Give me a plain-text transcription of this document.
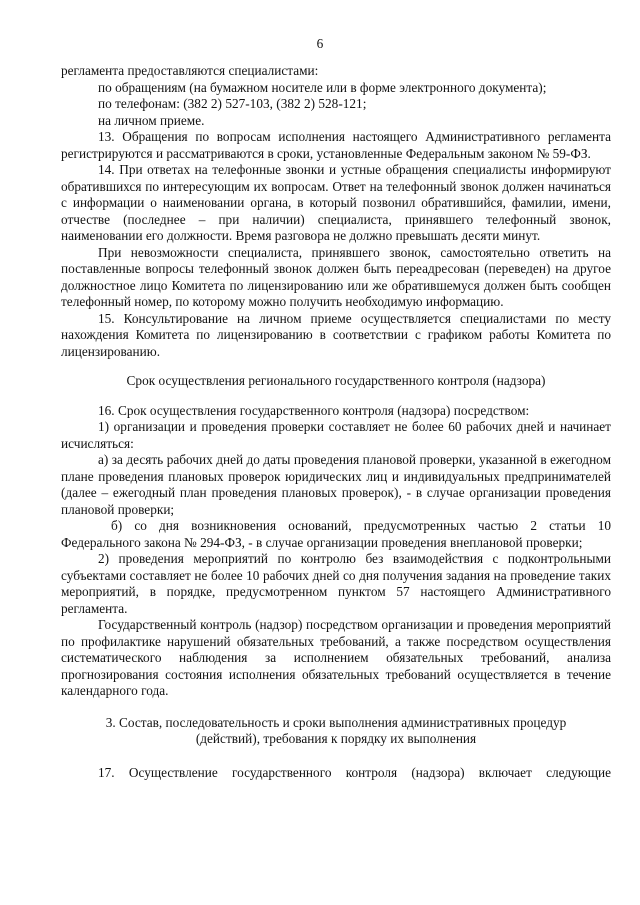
6

регламента предоставляются специалистами:

по обращениям (на бумажном носителе или в форме электронного документа);

по телефонам: (382 2) 527-103, (382 2) 528-121;

на личном приеме.

13. Обращения по вопросам исполнения настоящего Административного регламента регистрируются и рассматриваются в сроки, установленные Федеральным законом № 59-ФЗ.

14. При ответах на телефонные звонки и устные обращения специалисты информируют обратившихся по интересующим их вопросам. Ответ на телефонный звонок должен начинаться с информации о наименовании органа, в который позвонил обратившийся, фамилии, имени, отчестве (последнее – при наличии) специалиста, принявшего телефонный звонок, наименовании его должности. Время разговора не должно превышать десяти минут.

При невозможности специалиста, принявшего звонок, самостоятельно ответить на поставленные вопросы телефонный звонок должен быть переадресован (переведен) на другое должностное лицо Комитета по лицензированию или же обратившемуся должен быть сообщен телефонный номер, по которому можно получить необходимую информацию.

15. Консультирование на личном приеме осуществляется специалистами по месту нахождения Комитета по лицензированию в соответствии с графиком работы Комитета по лицензированию.

Срок осуществления регионального государственного контроля (надзора)

16. Срок осуществления государственного контроля (надзора) посредством:

1) организации и проведения проверки составляет не более 60 рабочих дней и начинает исчисляться:

а) за десять рабочих дней до даты проведения плановой проверки, указанной в ежегодном плане проведения плановых проверок юридических лиц и индивидуальных предпринимателей (далее – ежегодный план проведения плановых проверок), - в случае организации проведения плановой проверки;

б) со дня возникновения оснований, предусмотренных частью 2 статьи 10 Федерального закона № 294-ФЗ, - в случае организации проведения внеплановой проверки;

2) проведения мероприятий по контролю без взаимодействия с подконтрольными субъектами составляет не более 10 рабочих дней со дня получения задания на проведение таких мероприятий, в порядке, предусмотренном пунктом 57 настоящего Административного регламента.

Государственный контроль (надзор) посредством организации и проведения мероприятий по профилактике нарушений обязательных требований, а также посредством осуществления систематического наблюдения за исполнением обязательных требований, анализа прогнозирования состояния исполнения обязательных требований осуществляется в течение календарного года.

3. Состав, последовательность и сроки выполнения административных процедур
(действий), требования к порядку их выполнения

17. Осуществление государственного контроля (надзора) включает следующие
